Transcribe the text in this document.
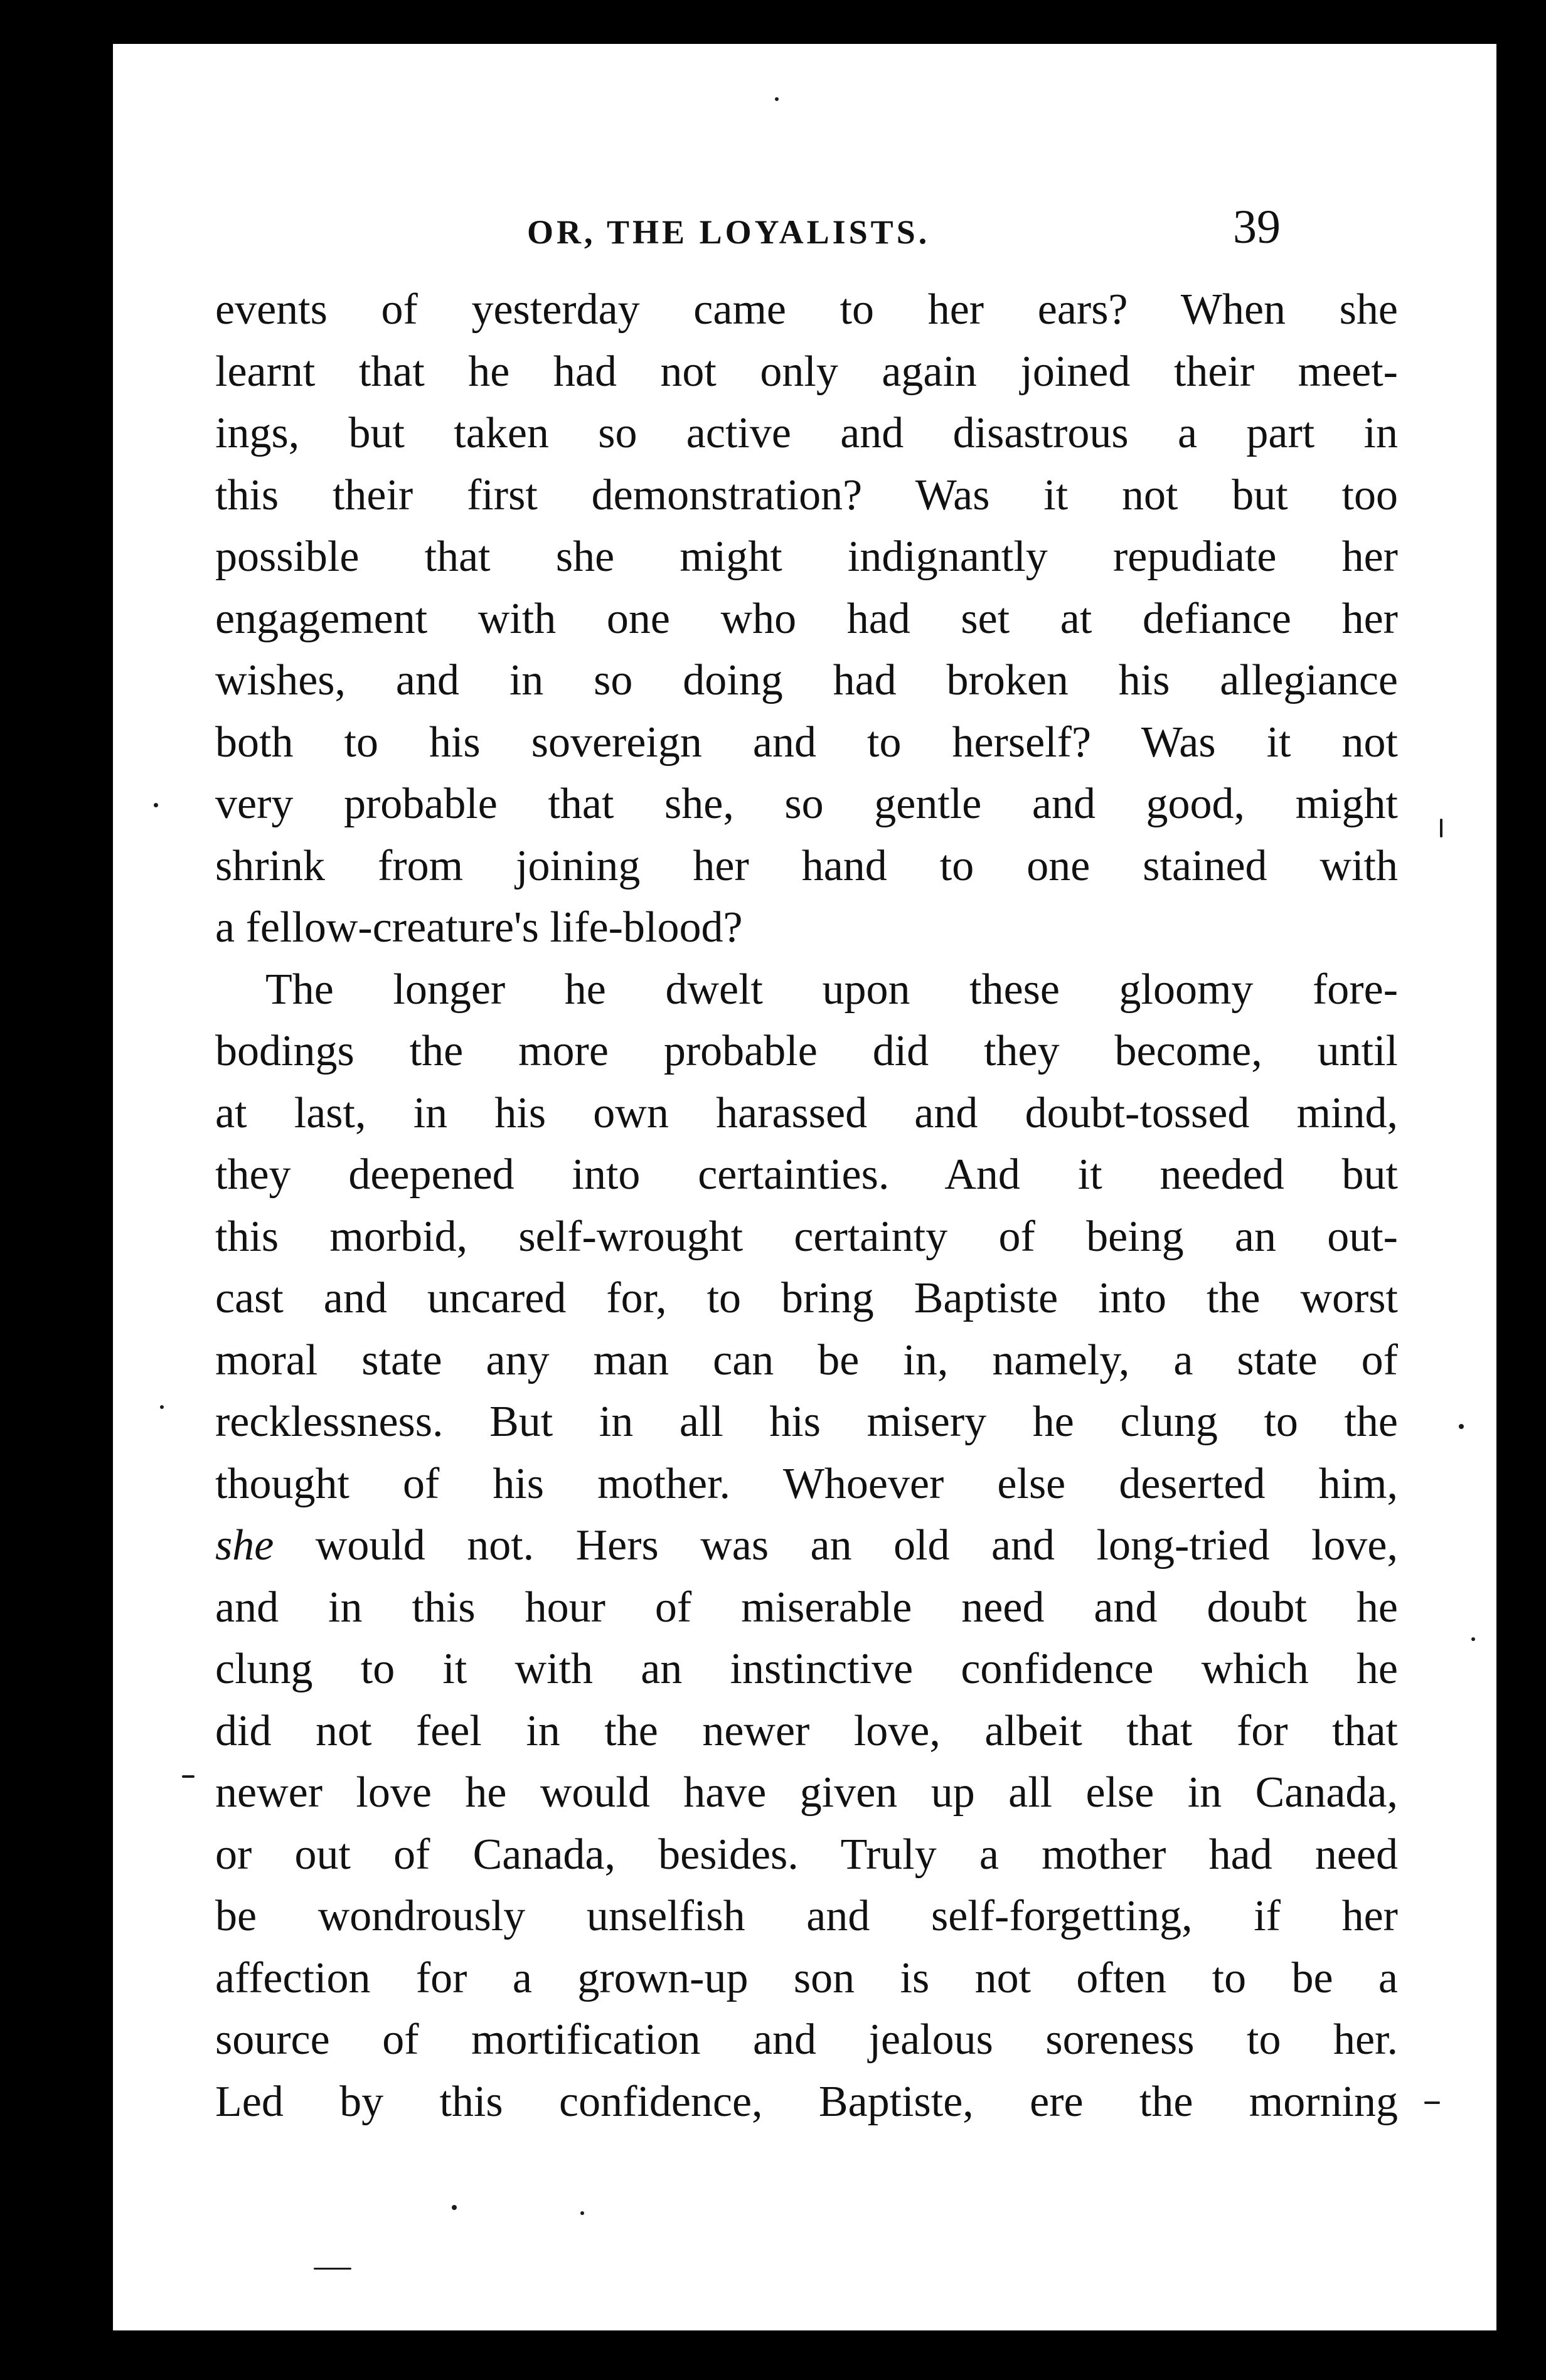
OR, THE LOYALISTS.	39
events of yesterday came to her ears? When she
learnt that he had not only again joined their meet-
ings, but taken so active and disastrous a part in
this their first demonstration? Was it not but too
possible that she might indignantly repudiate her
engagement with one who had set at defiance her
wishes, and in so doing had broken his allegiance
both to his sovereign and to herself? Was it not
very probable that she, so gentle and good, might
shrink from joining her hand to one stained with
a fellow-creature's life-blood?
The longer he dwelt upon these gloomy fore-
bodings the more probable did they become, until
at last, in his own harassed and doubt-tossed mind,
they deepened into certainties. And it needed but
this morbid, self-wrought certainty of being an out-
cast and uncared for, to bring Baptiste into the worst
moral state any man can be in, namely, a state of
recklessness. But in all his misery he clung to the
thought of his mother. Whoever else deserted him,
she would not. Hers was an old and long-tried love,
and in this hour of miserable need and doubt he
clung to it with an instinctive confidence which he
did not feel in the newer love, albeit that for that
newer love he would have given up all else in Canada,
or out of Canada, besides. Truly a mother had need
be wondrously unselfish and self-forgetting, if her
affection for a grown-up son is not often to be a
source of mortification and jealous soreness to her.
Led by this confidence, Baptiste, ere the morning
